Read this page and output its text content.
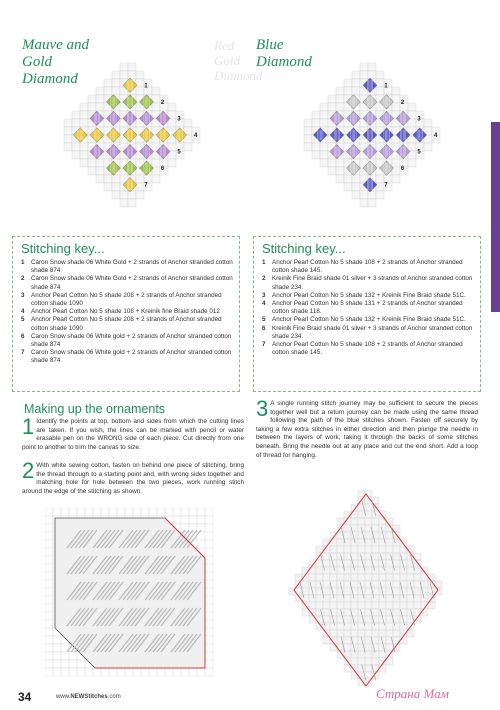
Mauve and
Gold
Diamond
Red
Gold
Diamond
Blue
Diamond
1
2
3
4
5
6
7
1
2
3
4
5
6
7
Stitching key...
1	Caron Snow shade 06 White Gold + 2 strands of Anchor stranded cotton shade 874
2	Caron Snow shade 06 White Gold + 2 strands of Anchor stranded cotton shade 874
3	Anchor Pearl Cotton No 5 shade 208 + 2 strands of Anchor stranded cotton shade 1090
4	Anchor Pearl Cotton No 5 shade 108 + Kreinik fine Braid shade 012
5	Anchor Pearl Cotton No 5 shade 208 + 2 strands of Anchor stranded cotton shade 1090
6	Caron Snow shade 06 White gold + 2 strands of Anchor stranded cotton shade 874
7	Caron Snow shade 06 White gold + 2 strands of Anchor stranded cotton shade 874
Stitching key...
1	Anchor Pearl Cotton No 5 shade 108 + 2 strands of Anchor stranded cotton shade 145.
2	Kreinik Fine Braid shade 01 silver + 3 strands of Anchor stranded cotton shade 234.
3	Anchor Pearl Cotton No 5 shade 132 + Kreinik Fine Braid shade 51C.
4	Anchor Pearl Cotton No 5 shade 131 + 2 strands of Anchor stranded cotton shade 118.
5	Anchor Pearl Cotton No 5 shade 132 + Kreinik Fine Braid shade 51C.
6	Kreinik Fine Braid shade 01 silver + 3 strands of Anchor stranded cotton shade 234.
7	Anchor Pearl Cotton No 5 shade 108 + 2 strands of Anchor stranded cotton shade 145.
Making up the ornaments
1 Identify the points at top, bottom and sides from which the cutting lines are taken. If you wish, the lines can be marked with pencil or water erasable pen on the WRONG side of each piece. Cut directly from one point to another to trim the canvas to size.
2 With white sewing cotton, fasten on behind one piece of stitching, bring the thread through to a starting point and, with wrong sides together and matching hole for hole between the two pieces, work running stitch around the edge of the stitching as shown.
3 A single running stitch journey may be sufficient to secure the pieces together well but a return journey can be made using the same thread following the path of the blue stitches shown. Fasten off securely by taking a few extra stitches in either direction and then plunge the needle in between the layers of work, taking it through the backs of some stitches beneath. Bring the needle out at any place and cut the end short. Add a loop of thread for hanging.
34	www.NEWStitches.com	Страна Мам
